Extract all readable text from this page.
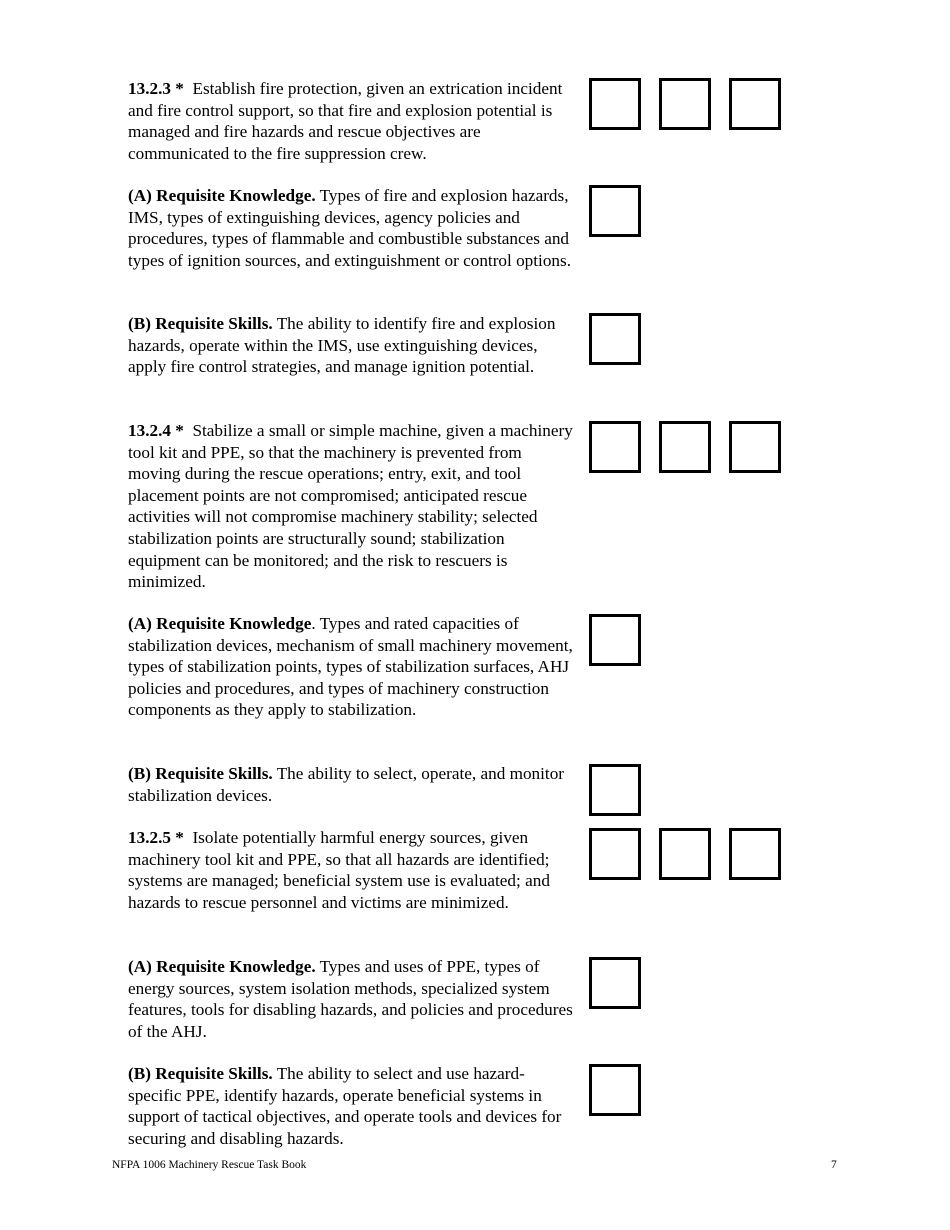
13.2.3 * Establish fire protection, given an extrication incident and fire control support, so that fire and explosion potential is managed and fire hazards and rescue objectives are communicated to the fire suppression crew.

(A) Requisite Knowledge. Types of fire and explosion hazards, IMS, types of extinguishing devices, agency policies and procedures, types of flammable and combustible substances and types of ignition sources, and extinguishment or control options.

(B) Requisite Skills. The ability to identify fire and explosion hazards, operate within the IMS, use extinguishing devices, apply fire control strategies, and manage ignition potential.

13.2.4 * Stabilize a small or simple machine, given a machinery tool kit and PPE, so that the machinery is prevented from moving during the rescue operations; entry, exit, and tool placement points are not compromised; anticipated rescue activities will not compromise machinery stability; selected stabilization points are structurally sound; stabilization equipment can be monitored; and the risk to rescuers is minimized.

(A) Requisite Knowledge. Types and rated capacities of stabilization devices, mechanism of small machinery movement, types of stabilization points, types of stabilization surfaces, AHJ policies and procedures, and types of machinery construction components as they apply to stabilization.

(B) Requisite Skills. The ability to select, operate, and monitor stabilization devices.

13.2.5 * Isolate potentially harmful energy sources, given machinery tool kit and PPE, so that all hazards are identified; systems are managed; beneficial system use is evaluated; and hazards to rescue personnel and victims are minimized.

(A) Requisite Knowledge. Types and uses of PPE, types of energy sources, system isolation methods, specialized system features, tools for disabling hazards, and policies and procedures of the AHJ.

(B) Requisite Skills. The ability to select and use hazard-specific PPE, identify hazards, operate beneficial systems in support of tactical objectives, and operate tools and devices for securing and disabling hazards.

NFPA 1006 Machinery Rescue Task Book	7
